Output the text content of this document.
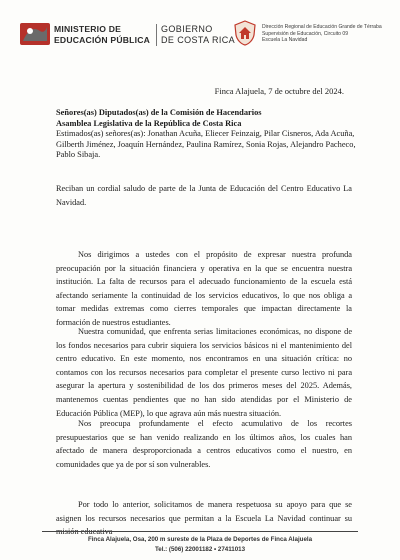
MINISTERIO DE
EDUCACIÓN PÚBLICA
GOBIERNO
DE COSTA RICA
Dirección Regional de Educación Grande de Térraba
Supervisión de Educación, Circuito 09
Escuela La Navidad
Finca Alajuela, 7 de octubre del 2024.
Señores(as) Diputados(as) de la Comisión de Hacendarios
Asamblea Legislativa de la República de Costa Rica
Estimados(as) señores(as): Jonathan Acuña, Eliecer Feinzaig, Pilar Cisneros, Ada Acuña, Gilberth Jiménez, Joaquín Hernández, Paulina Ramírez, Sonia Rojas, Alejandro Pacheco, Pablo Sibaja.

Reciban un cordial saludo de parte de la Junta de Educación del Centro Educativo La Navidad.

Nos dirigimos a ustedes con el propósito de expresar nuestra profunda preocupación por la situación financiera y operativa en la que se encuentra nuestra institución. La falta de recursos para el adecuado funcionamiento de la escuela está afectando seriamente la continuidad de los servicios educativos, lo que nos obliga a tomar medidas extremas como cierres temporales que impactan directamente la formación de nuestros estudiantes.

Nuestra comunidad, que enfrenta serias limitaciones económicas, no dispone de los fondos necesarios para cubrir siquiera los servicios básicos ni el mantenimiento del centro educativo. En este momento, nos encontramos en una situación crítica: no contamos con los recursos necesarios para completar el presente curso lectivo ni para asegurar la apertura y sostenibilidad de los dos primeros meses del 2025. Además, mantenemos cuentas pendientes que no han sido atendidas por el Ministerio de Educación Pública (MEP), lo que agrava aún más nuestra situación.

Nos preocupa profundamente el efecto acumulativo de los recortes presupuestarios que se han venido realizando en los últimos años, los cuales han afectado de manera desproporcionada a centros educativos como el nuestro, en comunidades que ya de por sí son vulnerables.

Por todo lo anterior, solicitamos de manera respetuosa su apoyo para que se asignen los recursos necesarios que permitan a la Escuela La Navidad continuar su

Finca Alajuela, Osa, 200 m sureste de la Plaza de Deportes de Finca Alajuela
Tel.: (506) 22001182 • 27411013
